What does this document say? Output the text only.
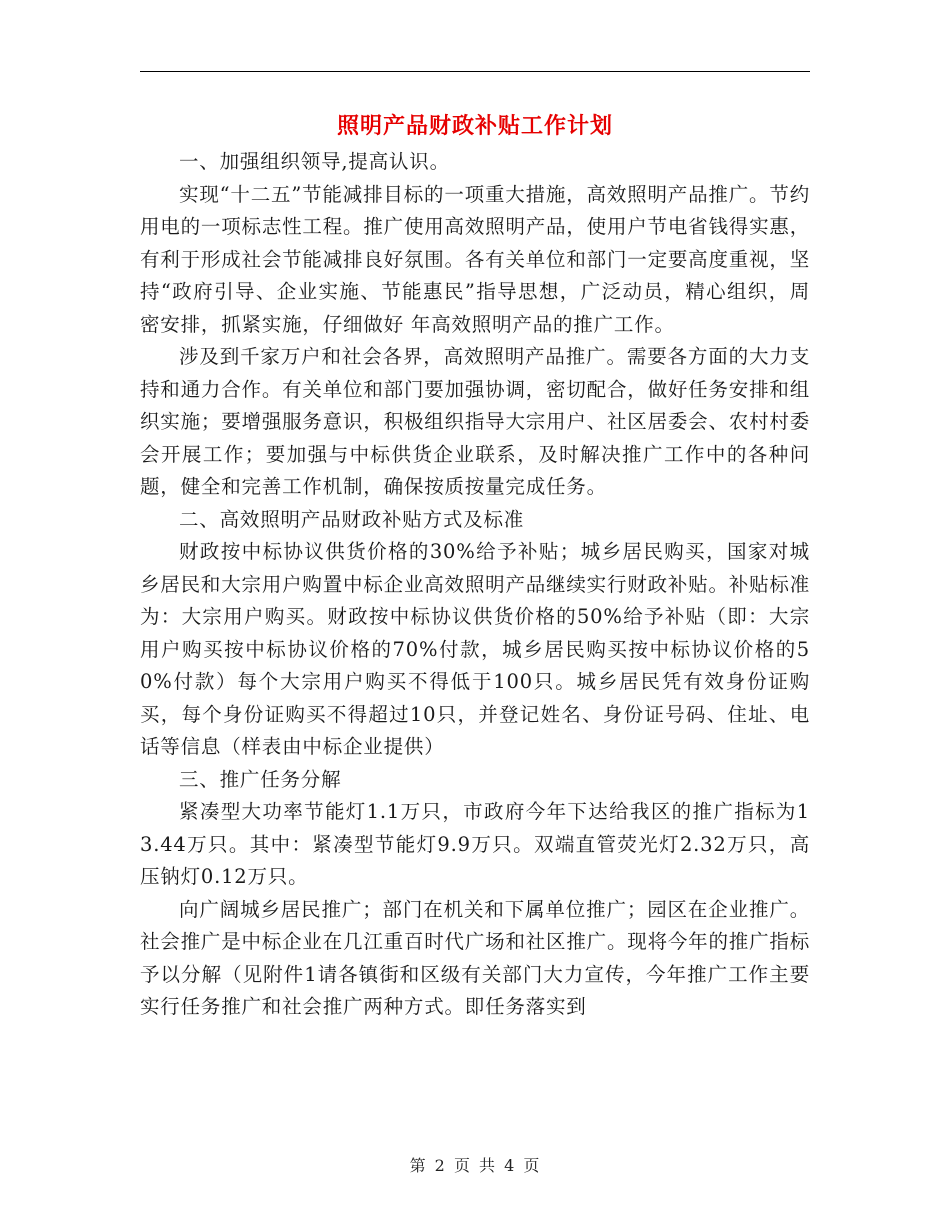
照明产品财政补贴工作计划

一、加强组织领导,提高认识。

实现“十二五”节能减排目标的一项重大措施，高效照明产品推广。节约用电的一项标志性工程。推广使用高效照明产品，使用户节电省钱得实惠，有利于形成社会节能减排良好氛围。各有关单位和部门一定要高度重视，坚持“政府引导、企业实施、节能惠民”指导思想，广泛动员，精心组织，周密安排，抓紧实施，仔细做好 年高效照明产品的推广工作。

涉及到千家万户和社会各界，高效照明产品推广。需要各方面的大力支持和通力合作。有关单位和部门要加强协调，密切配合，做好任务安排和组织实施；要增强服务意识，积极组织指导大宗用户、社区居委会、农村村委会开展工作；要加强与中标供货企业联系，及时解决推广工作中的各种问题，健全和完善工作机制，确保按质按量完成任务。

二、高效照明产品财政补贴方式及标准

财政按中标协议供货价格的30%给予补贴；城乡居民购买，国家对城乡居民和大宗用户购置中标企业高效照明产品继续实行财政补贴。补贴标准为：大宗用户购买。财政按中标协议供货价格的50%给予补贴（即：大宗用户购买按中标协议价格的70%付款，城乡居民购买按中标协议价格的50%付款）每个大宗用户购买不得低于100只。城乡居民凭有效身份证购买，每个身份证购买不得超过10只，并登记姓名、身份证号码、住址、电话等信息（样表由中标企业提供）

三、推广任务分解

紧凑型大功率节能灯1.1万只，市政府今年下达给我区的推广指标为13.44万只。其中：紧凑型节能灯9.9万只。双端直管荧光灯2.32万只，高压钠灯0.12万只。

向广阔城乡居民推广；部门在机关和下属单位推广；园区在企业推广。社会推广是中标企业在几江重百时代广场和社区推广。现将今年的推广指标予以分解（见附件1请各镇街和区级有关部门大力宣传，今年推广工作主要实行任务推广和社会推广两种方式。即任务落实到

第 2 页 共 4 页
